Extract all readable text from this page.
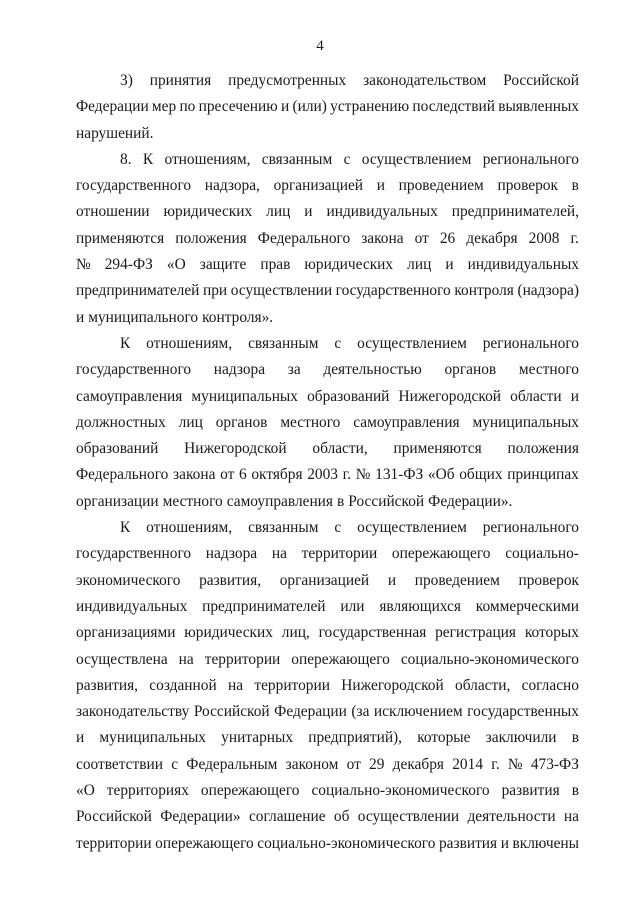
4
3) принятия предусмотренных законодательством Российской
Федерации мер по пресечению и (или) устранению последствий выявленных
нарушений.
8. К отношениям, связанным с осуществлением регионального
государственного надзора, организацией и проведением проверок в
отношении юридических лиц и индивидуальных предпринимателей,
применяются положения Федерального закона от 26 декабря 2008 г.
№ 294-ФЗ «О защите прав юридических лиц и индивидуальных
предпринимателей при осуществлении государственного контроля (надзора)
и муниципального контроля».
К отношениям, связанным с осуществлением регионального
государственного надзора за деятельностью органов местного
самоуправления муниципальных образований Нижегородской области и
должностных лиц органов местного самоуправления муниципальных
образований Нижегородской области, применяются положения
Федерального закона от 6 октября 2003 г. № 131-ФЗ «Об общих принципах
организации местного самоуправления в Российской Федерации».
К отношениям, связанным с осуществлением регионального
государственного надзора на территории опережающего социально-
экономического развития, организацией и проведением проверок
индивидуальных предпринимателей или являющихся коммерческими
организациями юридических лиц, государственная регистрация которых
осуществлена на территории опережающего социально-экономического
развития, созданной на территории Нижегородской области, согласно
законодательству Российской Федерации (за исключением государственных
и муниципальных унитарных предприятий), которые заключили в
соответствии с Федеральным законом от 29 декабря 2014 г. № 473-ФЗ
«О территориях опережающего социально-экономического развития в
Российской Федерации» соглашение об осуществлении деятельности на
территории опережающего социально-экономического развития и включены
